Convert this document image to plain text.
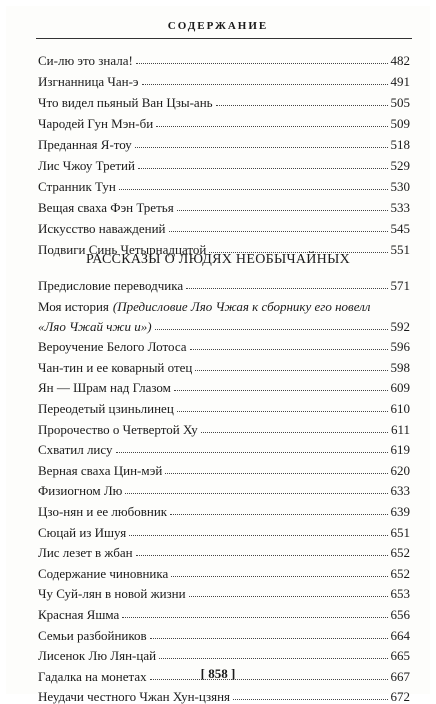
СОДЕРЖАНИЕ
Си-лю это знала!	482
Изгнанница Чан-э	491
Что видел пьяный Ван Цзы-ань	505
Чародей Гун Мэн-би	509
Преданная Я-тоу	518
Лис Чжоу Третий	529
Странник Тун	530
Вещая сваха Фэн Третья	533
Искусство наваждений	545
Подвиги Синь Четырнадцатой	551
РАССКАЗЫ О ЛЮДЯХ НЕОБЫЧАЙНЫХ
Предисловие переводчика	571
Моя история (Предисловие Ляо Чжая к сборнику его новелл
«Ляо Чжай чжи и»)	592
Вероучение Белого Лотоса	596
Чан-тин и ее коварный отец	598
Ян — Шрам над Глазом	609
Переодетый цзиньлинец	610
Пророчество о Четвертой Ху	611
Схватил лису	619
Верная сваха Цин-мэй	620
Физиогном Лю	633
Цзо-нян и ее любовник	639
Сюцай из Ишуя	651
Лис лезет в жбан	652
Содержание чиновника	652
Чу Суй-лян в новой жизни	653
Красная Яшма	656
Семьи разбойников	664
Лисенок Лю Лян-цай	665
Гадалка на монетах	667
Неудачи честного Чжан Хун-цзяня	672
[ 858 ]
